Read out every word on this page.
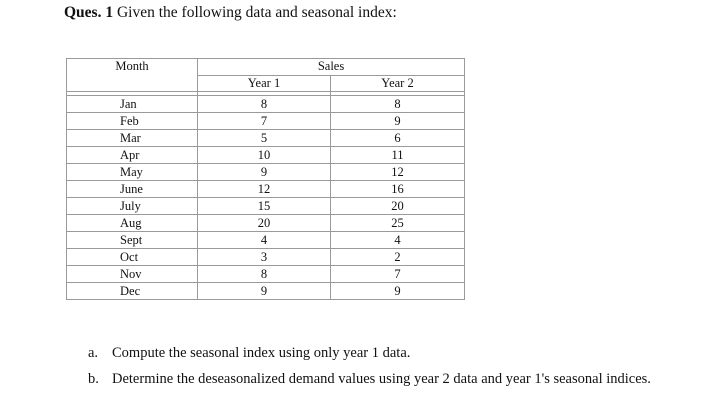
Ques. 1 Given the following data and seasonal index:
Month	Sales	
	Year 1	Year 2

Jan	8	8
Feb	7	9
Mar	5	6
Apr	10	11
May	9	12
June	12	16
July	15	20
Aug	20	25
Sept	4	4
Oct	3	2
Nov	8	7
Dec	9	9
a. Compute the seasonal index using only year 1 data.
b. Determine the deseasonalized demand values using year 2 data and year 1's seasonal indices.
